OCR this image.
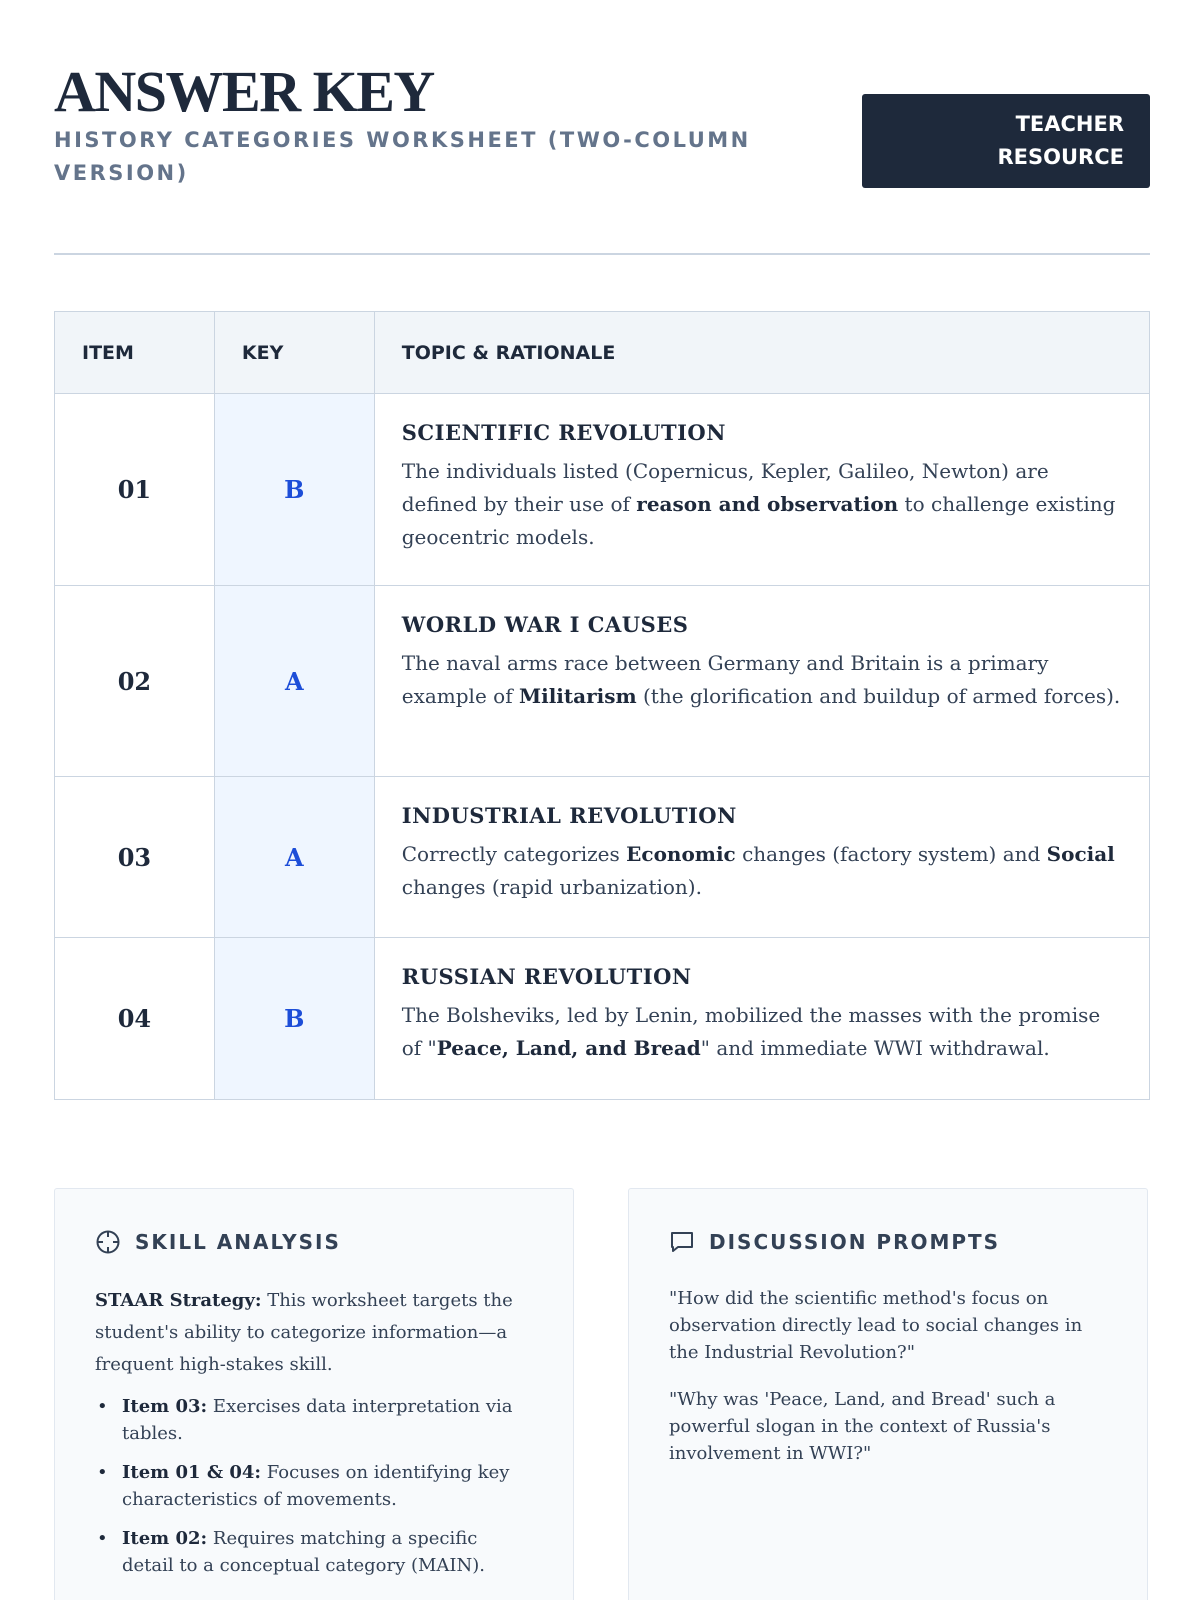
ANSWER KEY
HISTORY CATEGORIES WORKSHEET (TWO-COLUMN VERSION)
TEACHER RESOURCE
ITEM	KEY	TOPIC & RATIONALE
01	B	SCIENTIFIC REVOLUTION
The individuals listed (Copernicus, Kepler, Galileo, Newton) are defined by their use of reason and observation to challenge existing geocentric models.

02	A	WORLD WAR I CAUSES
The naval arms race between Germany and Britain is a primary example of Militarism (the glorification and buildup of armed forces).

03	A	INDUSTRIAL REVOLUTION
Correctly categorizes Economic changes (factory system) and Social changes (rapid urbanization).

04	B	RUSSIAN REVOLUTION
The Bolsheviks, led by Lenin, mobilized the masses with the promise of "Peace, Land, and Bread" and immediate WWI withdrawal.
SKILL ANALYSIS

STAAR Strategy: This worksheet targets the student's ability to categorize information—a frequent high-stakes skill.

• Item 03: Exercises data interpretation via tables.
• Item 01 & 04: Focuses on identifying key characteristics of movements.
• Item 02: Requires matching a specific detail to a conceptual category (MAIN).
DISCUSSION PROMPTS

"How did the scientific method's focus on observation directly lead to social changes in the Industrial Revolution?"

"Why was 'Peace, Land, and Bread' such a powerful slogan in the context of Russia's involvement in WWI?"
